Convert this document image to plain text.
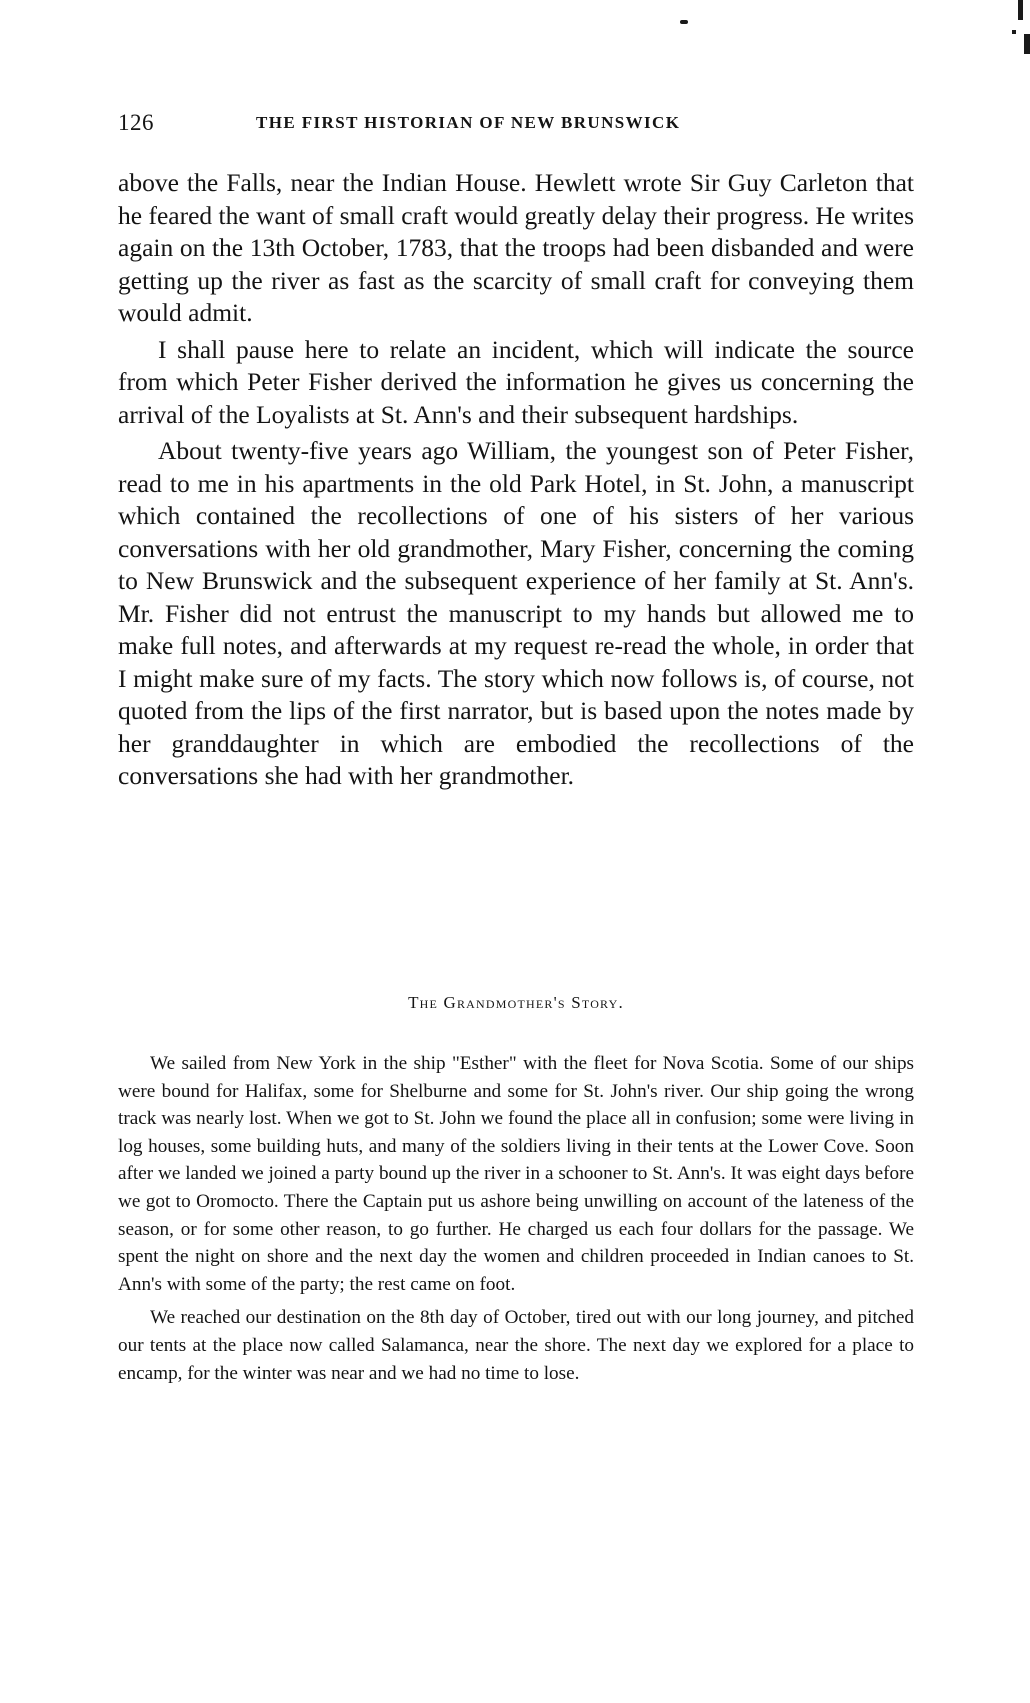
126	THE FIRST HISTORIAN OF NEW BRUNSWICK

above the Falls, near the Indian House. Hewlett wrote Sir Guy Carleton that he feared the want of small craft would greatly delay their progress. He writes again on the 13th October, 1783, that the troops had been disbanded and were getting up the river as fast as the scarcity of small craft for conveying them would admit.

I shall pause here to relate an incident, which will indicate the source from which Peter Fisher derived the information he gives us concerning the arrival of the Loyalists at St. Ann's and their subsequent hardships.

About twenty-five years ago William, the youngest son of Peter Fisher, read to me in his apartments in the old Park Hotel, in St. John, a manuscript which contained the recollections of one of his sisters of her various conversations with her old grandmother, Mary Fisher, concerning the coming to New Brunswick and the subsequent experience of her family at St. Ann's. Mr. Fisher did not entrust the manuscript to my hands but allowed me to make full notes, and afterwards at my request re-read the whole, in order that I might make sure of my facts. The story which now follows is, of course, not quoted from the lips of the first narrator, but is based upon the notes made by her granddaughter in which are embodied the recollections of the conversations she had with her grandmother.

The Grandmother's Story.

We sailed from New York in the ship "Esther" with the fleet for Nova Scotia. Some of our ships were bound for Halifax, some for Shelburne and some for St. John's river. Our ship going the wrong track was nearly lost. When we got to St. John we found the place all in confusion; some were living in log houses, some building huts, and many of the soldiers living in their tents at the Lower Cove. Soon after we landed we joined a party bound up the river in a schooner to St. Ann's. It was eight days before we got to Oromocto. There the Captain put us ashore being unwilling on account of the lateness of the season, or for some other reason, to go further. He charged us each four dollars for the passage. We spent the night on shore and the next day the women and children proceeded in Indian canoes to St. Ann's with some of the party; the rest came on foot.

We reached our destination on the 8th day of October, tired out with our long journey, and pitched our tents at the place now called Salamanca, near the shore. The next day we explored for a place to encamp, for the winter was near and we had no time to lose.
